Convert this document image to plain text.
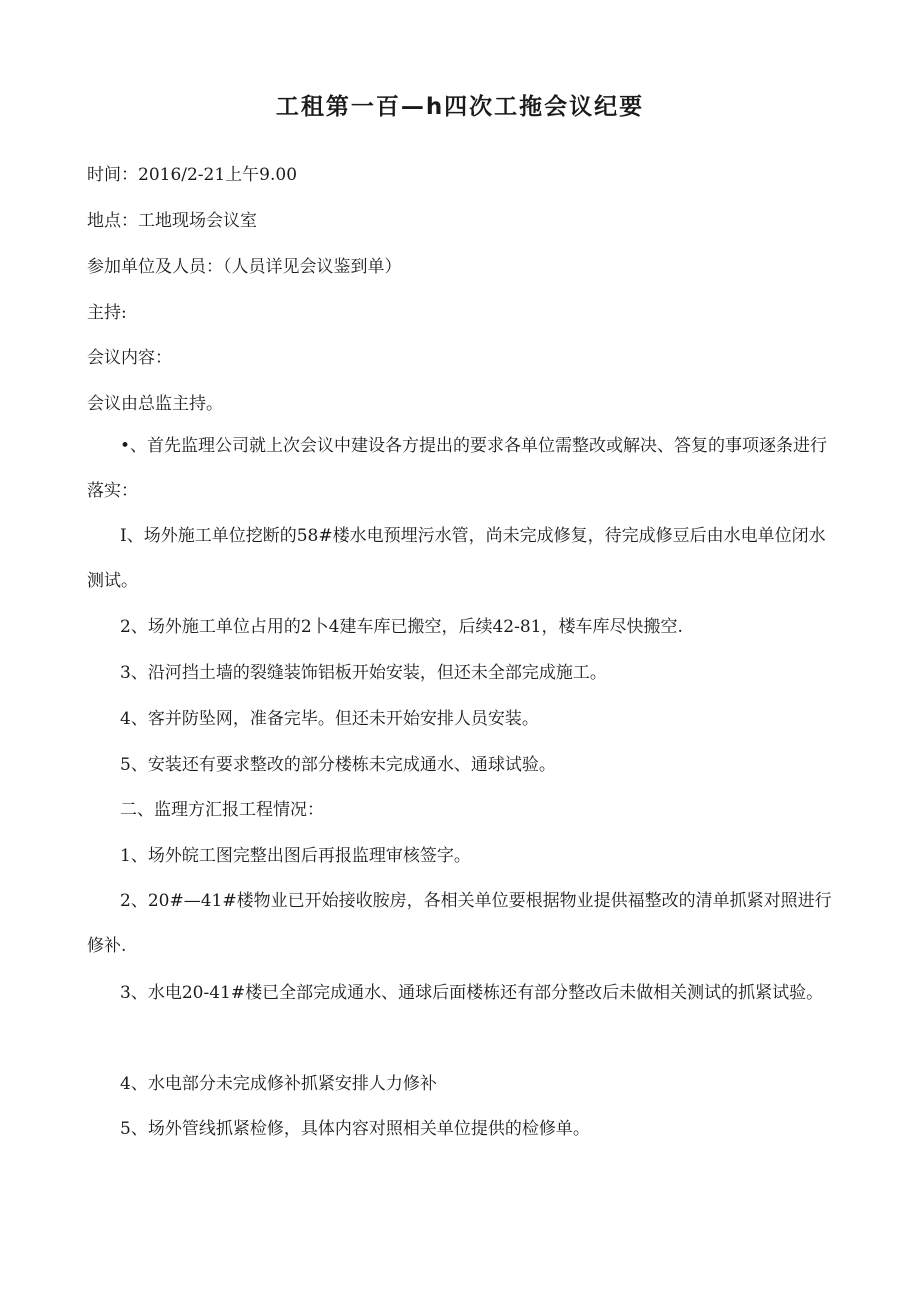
工租第一百—h四次工拖会议纪要
时间：2016/2-21上午9.00
地点：工地现场会议室
参加单位及人员：（人员详见会议鉴到单）
主持:
会议内容：
会议由总监主持。
•、首先监理公司就上次会议中建设各方提出的要求各单位需整改或解决、答复的事项逐条进行落实：
I、场外施工单位挖断的58#楼水电预埋污水管，尚未完成修复，待完成修豆后由水电单位闭水测试。
2、场外施工单位占用的2卜4建车库已搬空，后续42-81，楼车库尽快搬空.
3、沿河挡土墙的裂缝装饰铝板开始安装，但还未全部完成施工。
4、客并防坠网，准备完毕。但还未开始安排人员安装。
5、安装还有要求整改的部分楼栋未完成通水、通球试验。
二、监理方汇报工程情况：
1、场外皖工图完整出图后再报监理审核签字。
2、20#—41#楼物业已开始接收胺房，各相关单位要根据物业提供福整改的清单抓紧对照进行修补.
3、水电20-41#楼已全部完成通水、通球后面楼栋还有部分整改后未做相关测试的抓紧试验。
4、水电部分未完成修补抓紧安排人力修补
5、场外管线抓紧检修，具体内容对照相关单位提供的检修单。
